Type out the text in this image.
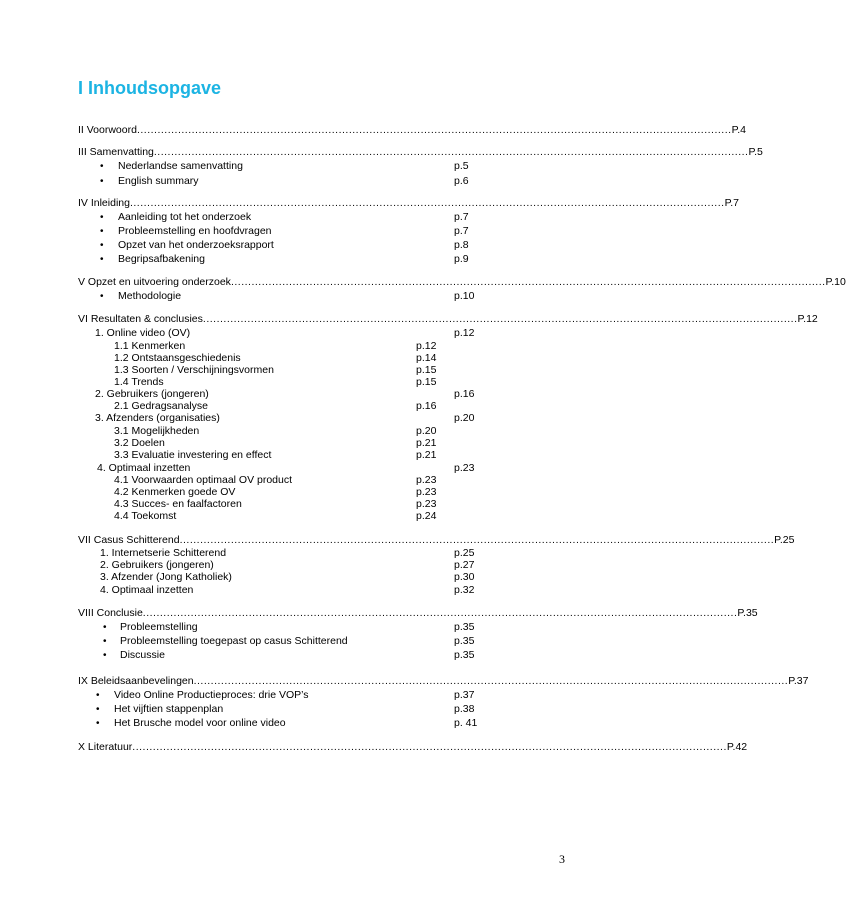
I Inhoudsopgave
II Voorwoord .............................................................................................................................................................................. P.4
III Samenvatting .............................................................................................................................................................................. P.5
• Nederlandse samenvatting	p.5
• English summary	p.6
IV Inleiding .............................................................................................................................................................................. P.7
• Aanleiding tot het onderzoek	p.7
• Probleemstelling en hoofdvragen	p.7
• Opzet van het onderzoeksrapport	p.8
• Begripsafbakening	p.9
V Opzet en uitvoering onderzoek .............................................................................................................................................................................. P.10
• Methodologie	p.10
VI Resultaten & conclusies .............................................................................................................................................................................. P.12
1. Online video (OV)	p.12
1.1 Kenmerken	p.12
1.2 Ontstaansgeschiedenis	p.14
1.3 Soorten / Verschijningsvormen	p.15
1.4 Trends	p.15
2. Gebruikers (jongeren)	p.16
2.1 Gedragsanalyse	p.16
3. Afzenders (organisaties)	p.20
3.1 Mogelijkheden	p.20
3.2 Doelen	p.21
3.3 Evaluatie investering en effect	p.21
4. Optimaal inzetten	p.23
4.1 Voorwaarden optimaal OV product	p.23
4.2 Kenmerken goede OV	p.23
4.3 Succes- en faalfactoren	p.23
4.4 Toekomst	p.24
VII Casus Schitterend .............................................................................................................................................................................. P.25
1. Internetserie Schitterend	p.25
2. Gebruikers (jongeren)	p.27
3. Afzender (Jong Katholiek)	p.30
4. Optimaal inzetten	p.32
VIII Conclusie .............................................................................................................................................................................. P.35
• Probleemstelling	p.35
• Probleemstelling toegepast op casus Schitterend	p.35
• Discussie	p.35
IX Beleidsaanbevelingen .............................................................................................................................................................................. P.37
• Video Online Productieproces: drie VOP’s	p.37
• Het vijftien stappenplan	p.38
• Het Brusche model voor online video	p. 41
X Literatuur .............................................................................................................................................................................. P.42
3
